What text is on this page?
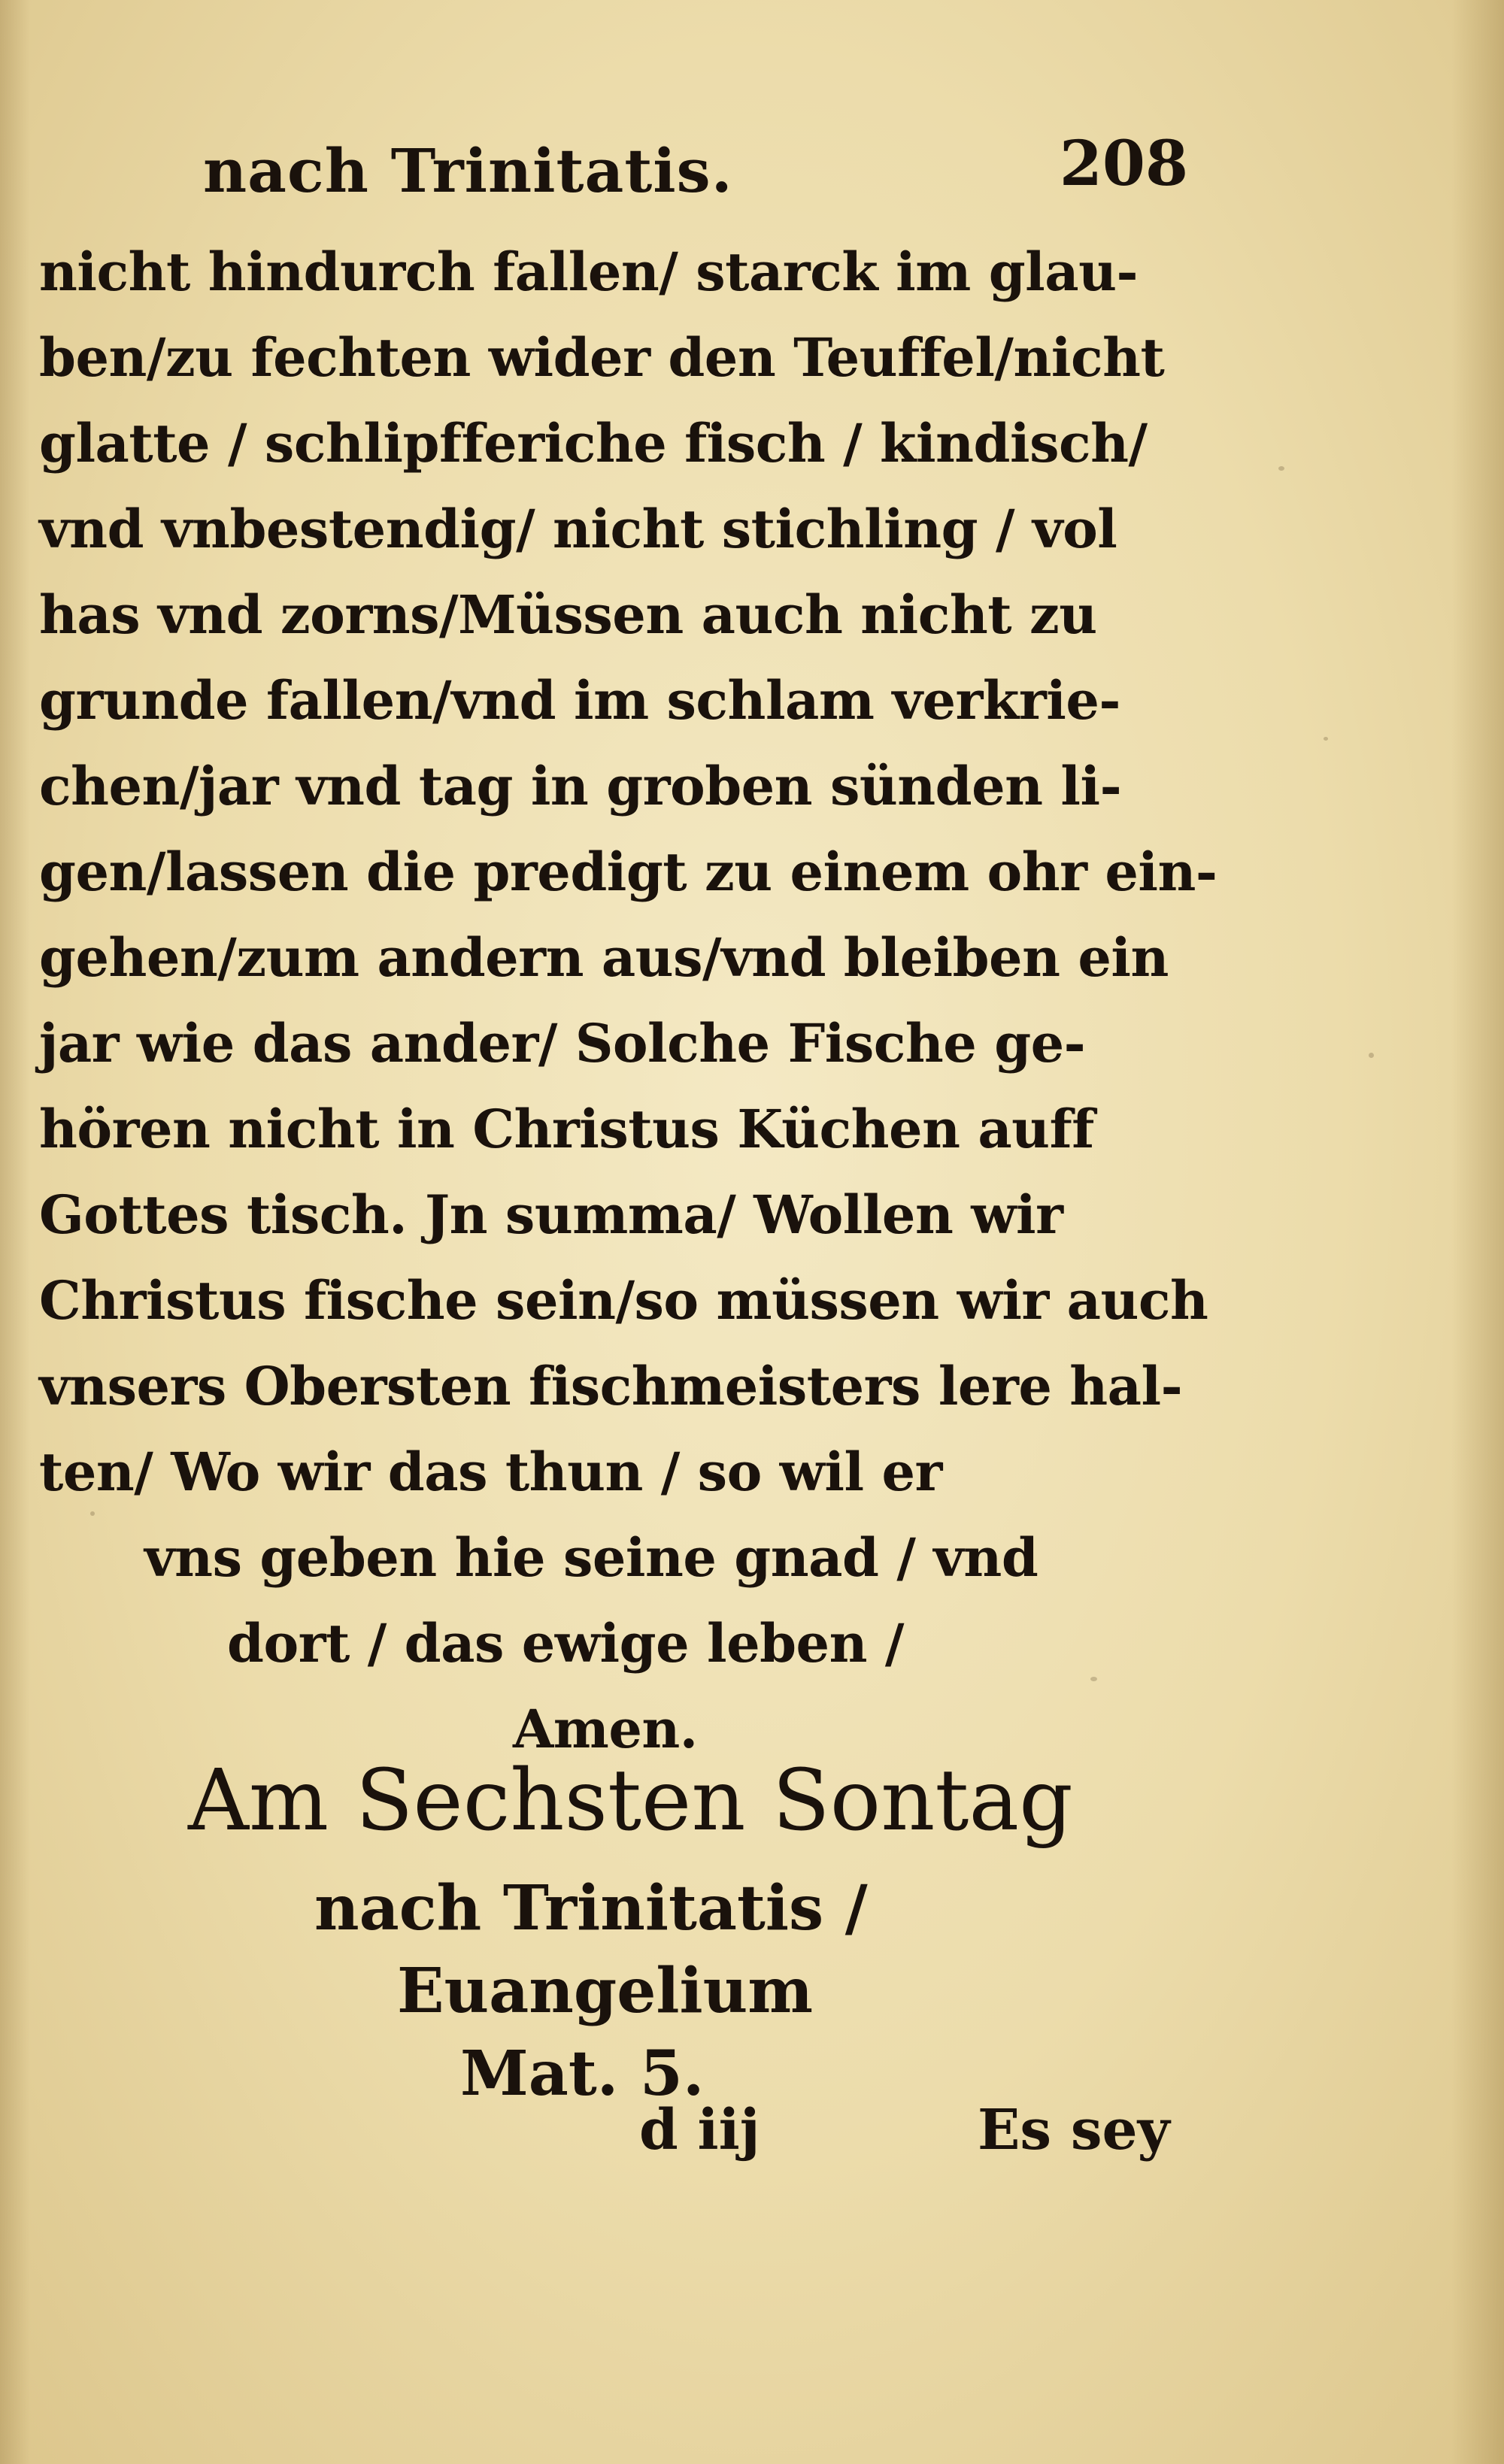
nach Trinitatis.	208
nicht hindurch fallen/ starck im glau-
ben/zu fechten wider den Teuffel/nicht
glatte / schlipfferiche fisch / kindisch/
vnd vnbestendig/ nicht stichling / vol
has vnd zorns/Müssen auch nicht zu
grunde fallen/vnd im schlam verkrie-
chen/jar vnd tag in groben sünden li-
gen/lassen die predigt zu einem ohr ein-
gehen/zum andern aus/vnd bleiben ein
jar wie das ander/ Solche Fische ge-
hören nicht in Christus Küchen auff
Gottes tisch. Jn summa/ Wollen wir
Christus fische sein/so müssen wir auch
vnsers Obersten fischmeisters lere hal-
ten/ Wo wir das thun / so wil er
vns geben hie seine gnad / vnd
dort / das ewige leben /
Amen.
Am Sechsten Sontag
nach Trinitatis /
Euangelium
Mat. 5.
d iij	Es sey
